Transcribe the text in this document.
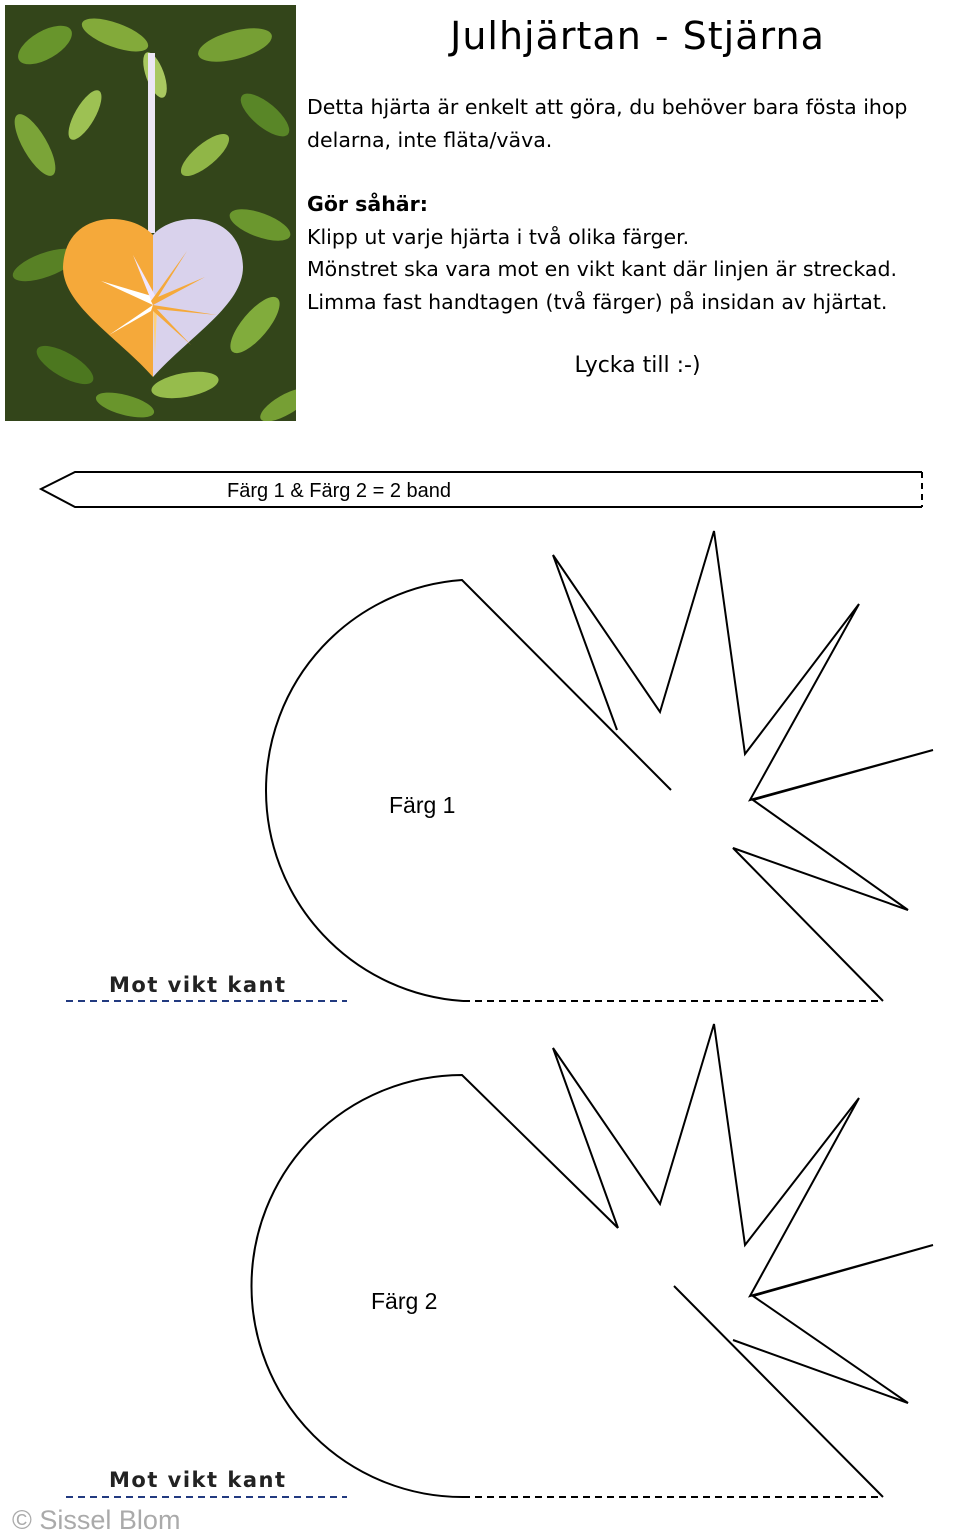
Julhjärtan - Stjärna
Detta hjärta är enkelt att göra, du behöver bara fösta ihop delarna, inte fläta/väva.
Gör såhär:
Klipp ut varje hjärta i två olika färger.
Mönstret ska vara mot en vikt kant där linjen är streckad.
Limma fast handtagen (två färger) på insidan av hjärtat.
Lycka till :-)
Färg 1 & Färg 2 = 2 band
Färg 1
Färg 2
Mot vikt kant
Mot vikt kant
© Sissel Blom
